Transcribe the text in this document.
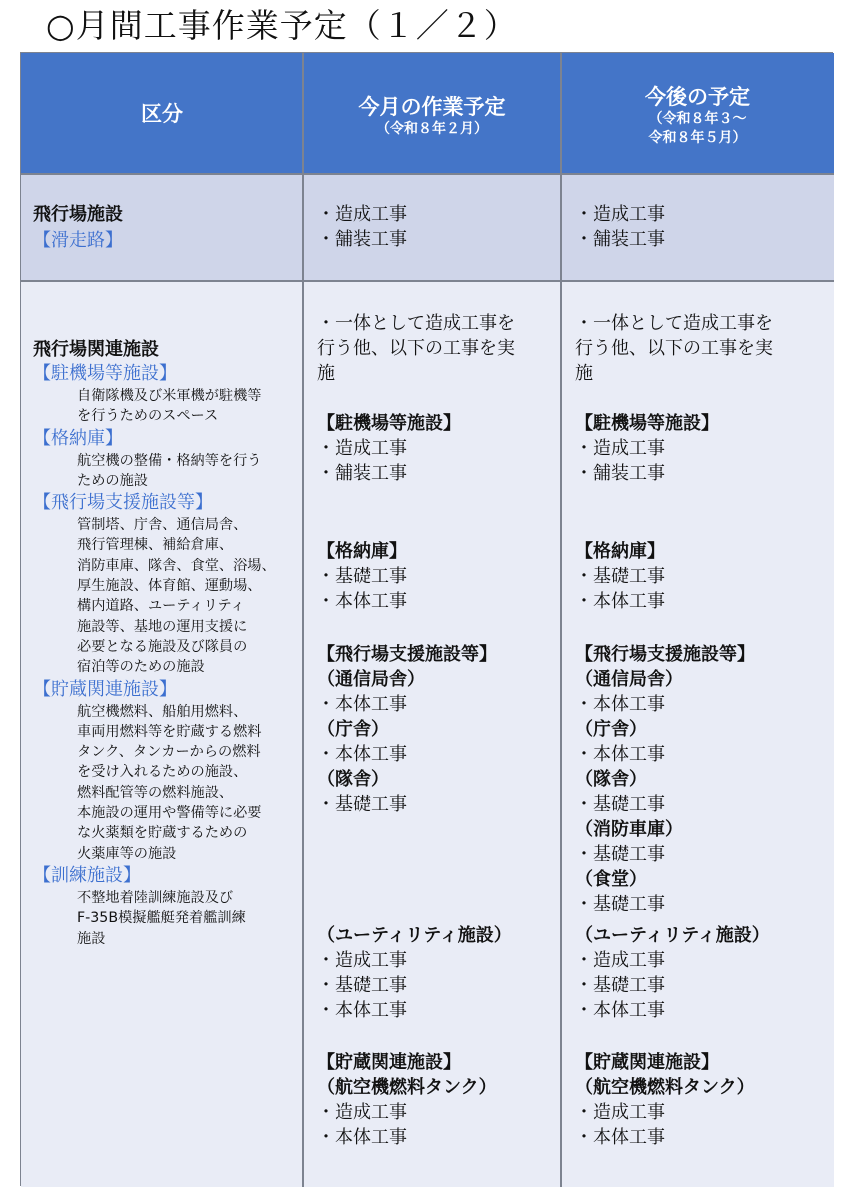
○月間工事作業予定（１／２）
区分	今月の作業予定
（令和８年２月）
今後の予定
（令和８年３～
令和８年５月）
飛行場施設
【滑走路】
・造成工事
・舗装工事
・造成工事
・舗装工事
飛行場関連施設
【駐機場等施設】
自衛隊機及び米軍機が駐機等
を行うためのスペース
【格納庫】
航空機の整備・格納等を行う
ための施設
【飛行場支援施設等】
管制塔、庁舎、通信局舎、
飛行管理棟、補給倉庫、
消防車庫、隊舎、食堂、浴場、
厚生施設、体育館、運動場、
構内道路、ユーティリティ
施設等、基地の運用支援に
必要となる施設及び隊員の
宿泊等のための施設
【貯蔵関連施設】
航空機燃料、船舶用燃料、
車両用燃料等を貯蔵する燃料
タンク、タンカーからの燃料
を受け入れるための施設、
燃料配管等の燃料施設、
本施設の運用や警備等に必要
な火薬類を貯蔵するための
火薬庫等の施設
【訓練施設】
不整地着陸訓練施設及び
F-35B模擬艦艇発着艦訓練
施設
・一体として造成工事を
行う他、以下の工事を実
施
【駐機場等施設】
・造成工事
・舗装工事
【格納庫】
・基礎工事
・本体工事
【飛行場支援施設等】
（通信局舎）
・本体工事
（庁舎）
・本体工事
（隊舎）
・基礎工事
（ユーティリティ施設）
・造成工事
・基礎工事
・本体工事
【貯蔵関連施設】
（航空機燃料タンク）
・造成工事
・本体工事
・一体として造成工事を
行う他、以下の工事を実
施
【駐機場等施設】
・造成工事
・舗装工事
【格納庫】
・基礎工事
・本体工事
【飛行場支援施設等】
（通信局舎）
・本体工事
（庁舎）
・本体工事
（隊舎）
・基礎工事
（消防車庫）
・基礎工事
（食堂）
・基礎工事
（ユーティリティ施設）
・造成工事
・基礎工事
・本体工事
【貯蔵関連施設】
（航空機燃料タンク）
・造成工事
・本体工事
